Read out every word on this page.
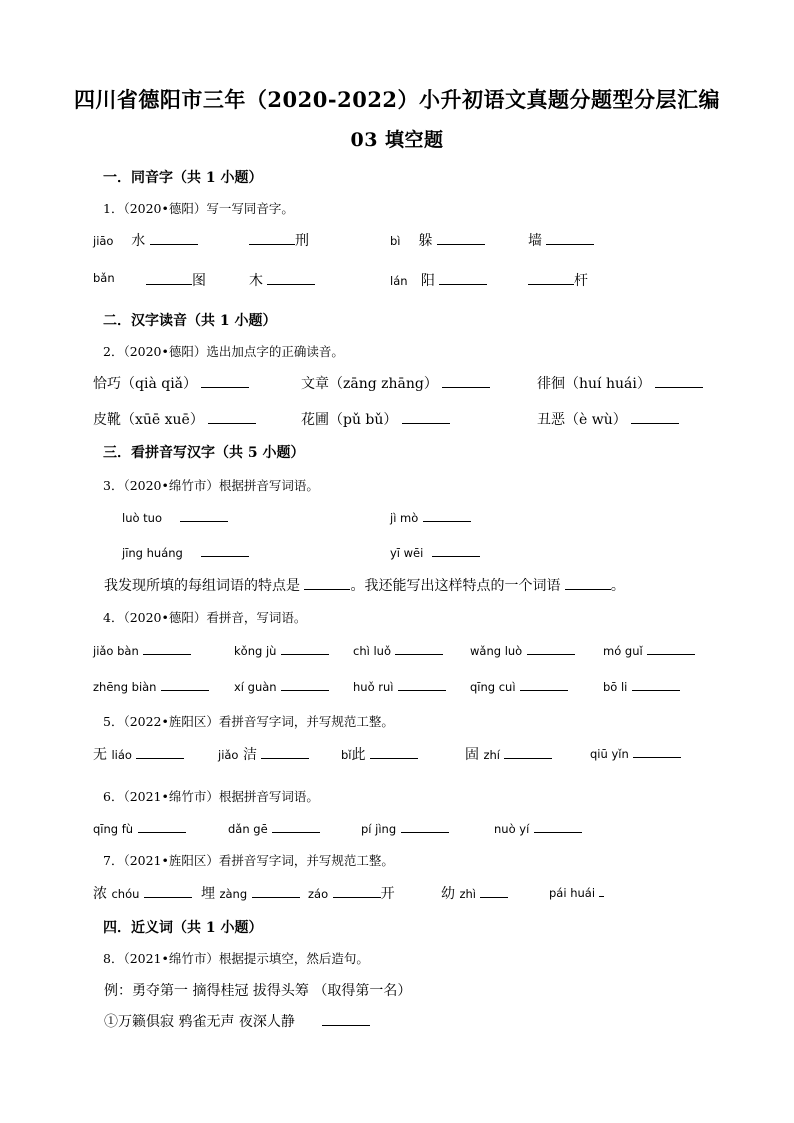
四川省德阳市三年（2020-2022）小升初语文真题分题型分层汇编
03 填空题
一．同音字（共 1 小题）
1．（2020•德阳）写一写同音字。
jiāo 水	刑	bì 躲	墙
bǎn	图	木	lán 阳	杆
二．汉字读音（共 1 小题）
2．（2020•德阳）选出加点字的正确读音。
恰巧（qià qiǎ）	文章（zāng zhāng）	徘徊（huí huái）
皮靴（xūē xuē）	花圃（pǔ bǔ）	丑恶（è wù）
三．看拼音写汉字（共 5 小题）
3．（2020•绵竹市）根据拼音写词语。
luò tuo	jì mò
jīng huáng	yī wēi
我发现所填的每组词语的特点是	。我还能写出这样特点的一个词语	。
4．（2020•德阳）看拼音，写词语。
jiǎo bàn	kǒng jù	chì luǒ	wǎng luò	mó guǐ
zhēng biàn	xí guàn	huǒ ruì	qīng cuì	bō li
5．（2022•旌阳区）看拼音写字词，并写规范工整。
无 liáo	jiǎo 洁	bǐ此	固 zhí	qiū yǐn
6．（2021•绵竹市）根据拼音写词语。
qīng fù	dǎn gē	pí jìng	nuò yí
7．（2021•旌阳区）看拼音写字词，并写规范工整。
浓 chóu	埋 zàng	záo	开	幼 zhì	pái huái
四．近义词（共 1 小题）
8．（2021•绵竹市）根据提示填空，然后造句。
例：勇夺第一 摘得桂冠 拔得头筹 （取得第一名）
①万籁俱寂 鸦雀无声 夜深人静
